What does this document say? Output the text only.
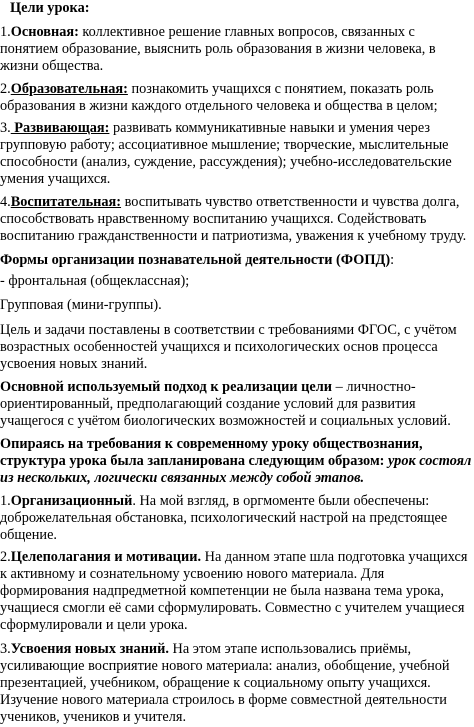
Цели урока:

1.Основная: коллективное решение главных вопросов, связанных с понятием образование, выяснить роль образования в жизни человека, в жизни общества.

2.Образовательная: познакомить учащихся с понятием, показать роль образования в жизни каждого отдельного человека и общества в целом;

3. Развивающая: развивать коммуникативные навыки и умения через групповую работу; ассоциативное мышление; творческие, мыслительные способности (анализ, суждение, рассуждения); учебно-исследовательские умения учащихся.

4.Воспитательная: воспитывать чувство ответственности и чувства долга, способствовать нравственному воспитанию учащихся. Содействовать воспитанию гражданственности и патриотизма, уважения к учебному труду.

Формы организации познавательной деятельности (ФОПД):

- фронтальная (общеклассная);

Групповая (мини-группы).

Цель и задачи поставлены в соответствии с требованиями ФГОС, с учётом возрастных особенностей учащихся и психологических основ процесса усвоения новых знаний.

Основной используемый подход к реализации цели – личностно-ориентированный, предполагающий создание условий для развития учащегося с учётом биологических возможностей и социальных условий.

Опираясь на требования к современному уроку обществознания, структура урока была запланирована следующим образом: урок состоял из нескольких, логически связанных между собой этапов.

1.Организационный. На мой взгляд, в оргмоменте были обеспечены: доброжелательная обстановка, психологический настрой на предстоящее общение.

2.Целеполагания и мотивации. На данном этапе шла подготовка учащихся к активному и сознательному усвоению нового материала. Для формирования надпредметной компетенции не была названа тема урока, учащиеся смогли её сами сформулировать. Совместно с учителем учащиеся сформулировали и цели урока.

3.Усвоения новых знаний. На этом этапе использовались приёмы, усиливающие восприятие нового материала: анализ, обобщение, учебной презентацией, учебником, обращение к социальному опыту учащихся. Изучение нового материала строилось в форме совместной деятельности учеников, учеников и учителя.
